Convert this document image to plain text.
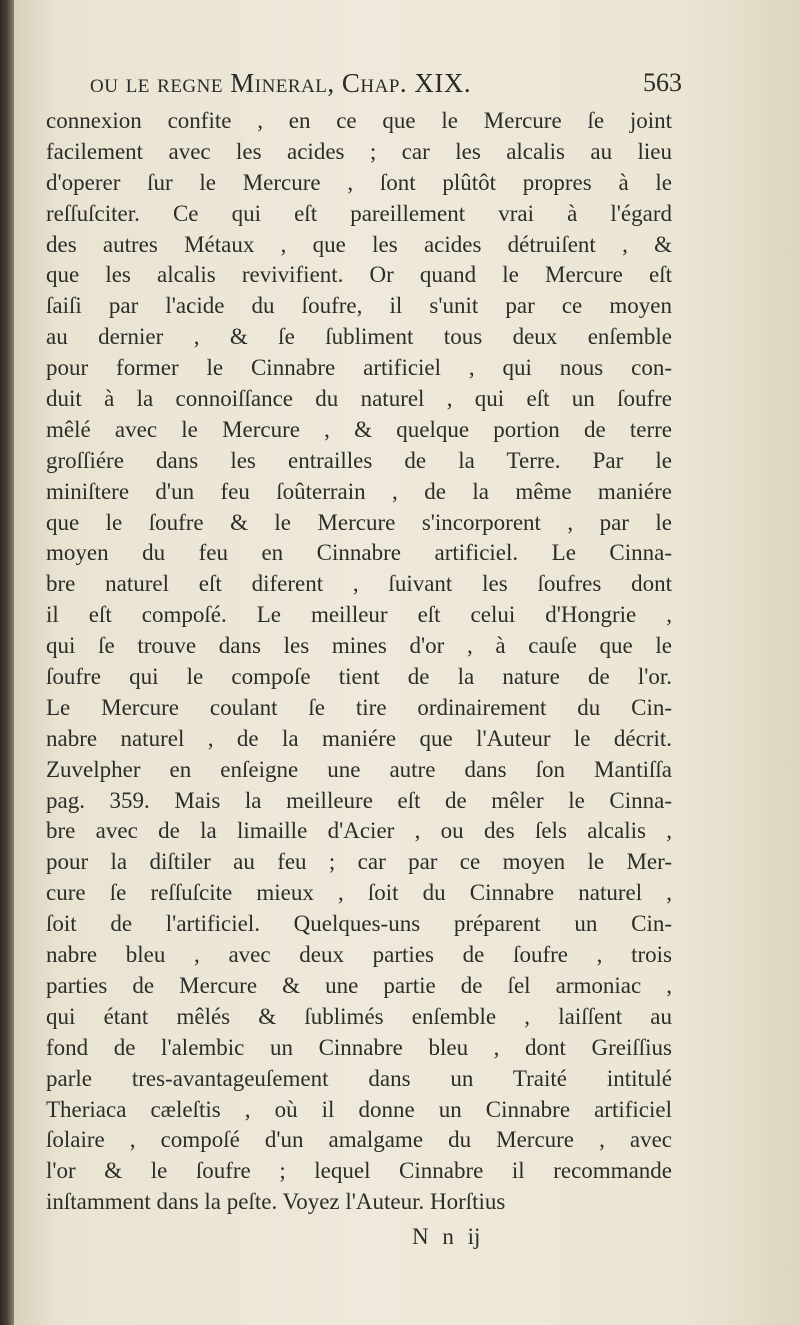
ou le regne Mineral, Chap. XIX.	563
connexion confite , en ce que le Mercure ſe joint
facilement avec les acides ; car les alcalis au lieu
d'operer ſur le Mercure , ſont plûtôt propres à le
reſſuſciter. Ce qui eſt pareillement vrai à l'égard
des autres Métaux , que les acides détruiſent , &
que les alcalis revivifient. Or quand le Mercure eſt
ſaiſi par l'acide du ſoufre, il s'unit par ce moyen
au dernier , & ſe ſubliment tous deux enſemble
pour former le Cinnabre artificiel , qui nous con-
duit à la connoiſſance du naturel , qui eſt un ſoufre
mêlé avec le Mercure , & quelque portion de terre
groſſiére dans les entrailles de la Terre. Par le
miniſtere d'un feu ſoûterrain , de la même maniére
que le ſoufre & le Mercure s'incorporent , par le
moyen du feu en Cinnabre artificiel. Le Cinna-
bre naturel eſt diferent , ſuivant les ſoufres dont
il eſt compoſé. Le meilleur eſt celui d'Hongrie ,
qui ſe trouve dans les mines d'or , à cauſe que le
ſoufre qui le compoſe tient de la nature de l'or.
Le Mercure coulant ſe tire ordinairement du Cin-
nabre naturel , de la maniére que l'Auteur le décrit.
Zuvelpher en enſeigne une autre dans ſon Mantiſſa
pag. 359. Mais la meilleure eſt de mêler le Cinna-
bre avec de la limaille d'Acier , ou des ſels alcalis ,
pour la diſtiler au feu ; car par ce moyen le Mer-
cure ſe reſſuſcite mieux , ſoit du Cinnabre naturel ,
ſoit de l'artificiel. Quelques-uns préparent un Cin-
nabre bleu , avec deux parties de ſoufre , trois
parties de Mercure & une partie de ſel armoniac ,
qui étant mêlés & ſublimés enſemble , laiſſent au
fond de l'alembic un Cinnabre bleu , dont Greiſſius
parle tres-avantageuſement dans un Traité intitulé
Theriaca cæleſtis , où il donne un Cinnabre artificiel
ſolaire , compoſé d'un amalgame du Mercure , avec
l'or & le ſoufre ; lequel Cinnabre il recommande
inſtamment dans la peſte. Voyez l'Auteur. Horſtius
N n ij
